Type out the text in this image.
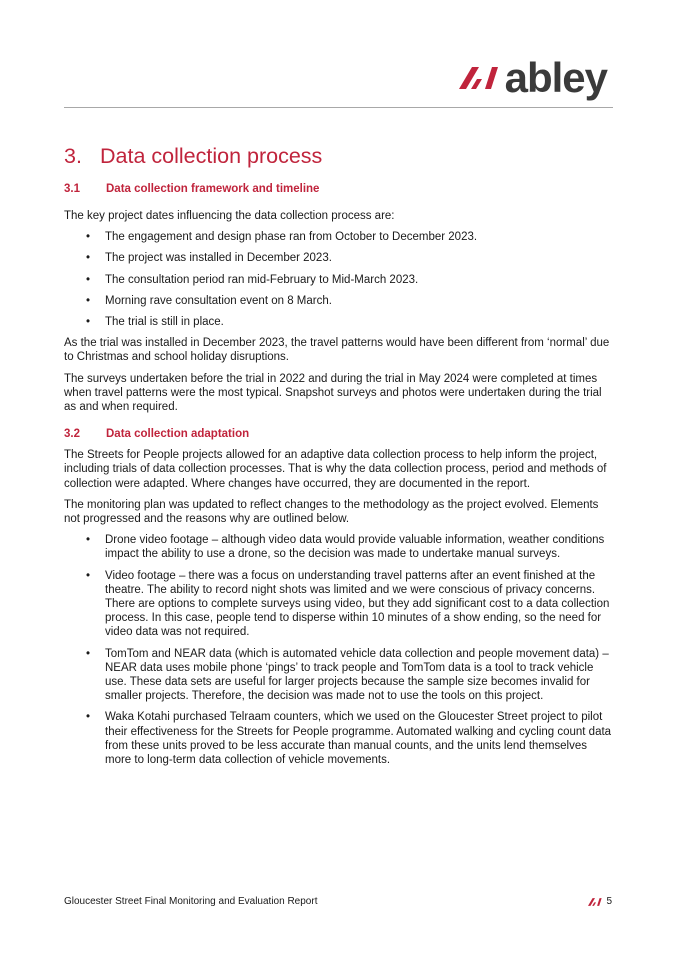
abley
3. Data collection process
3.1	Data collection framework and timeline

The key project dates influencing the data collection process are:

• The engagement and design phase ran from October to December 2023.
• The project was installed in December 2023.
• The consultation period ran mid-February to Mid-March 2023.
• Morning rave consultation event on 8 March.
• The trial is still in place.

As the trial was installed in December 2023, the travel patterns would have been different from ‘normal’ due to Christmas and school holiday disruptions.

The surveys undertaken before the trial in 2022 and during the trial in May 2024 were completed at times when travel patterns were the most typical. Snapshot surveys and photos were undertaken during the trial as and when required.

3.2	Data collection adaptation

The Streets for People projects allowed for an adaptive data collection process to help inform the project, including trials of data collection processes. That is why the data collection process, period and methods of collection were adapted. Where changes have occurred, they are documented in the report.

The monitoring plan was updated to reflect changes to the methodology as the project evolved. Elements not progressed and the reasons why are outlined below.

• Drone video footage – although video data would provide valuable information, weather conditions impact the ability to use a drone, so the decision was made to undertake manual surveys.
• Video footage – there was a focus on understanding travel patterns after an event finished at the theatre. The ability to record night shots was limited and we were conscious of privacy concerns. There are options to complete surveys using video, but they add significant cost to a data collection process. In this case, people tend to disperse within 10 minutes of a show ending, so the need for video data was not required.
• TomTom and NEAR data (which is automated vehicle data collection and people movement data) – NEAR data uses mobile phone ‘pings’ to track people and TomTom data is a tool to track vehicle use. These data sets are useful for larger projects because the sample size becomes invalid for smaller projects. Therefore, the decision was made not to use the tools on this project.
• Waka Kotahi purchased Telraam counters, which we used on the Gloucester Street project to pilot their effectiveness for the Streets for People programme. Automated walking and cycling count data from these units proved to be less accurate than manual counts, and the units lend themselves more to long-term data collection of vehicle movements.
Gloucester Street Final Monitoring and Evaluation Report	5
